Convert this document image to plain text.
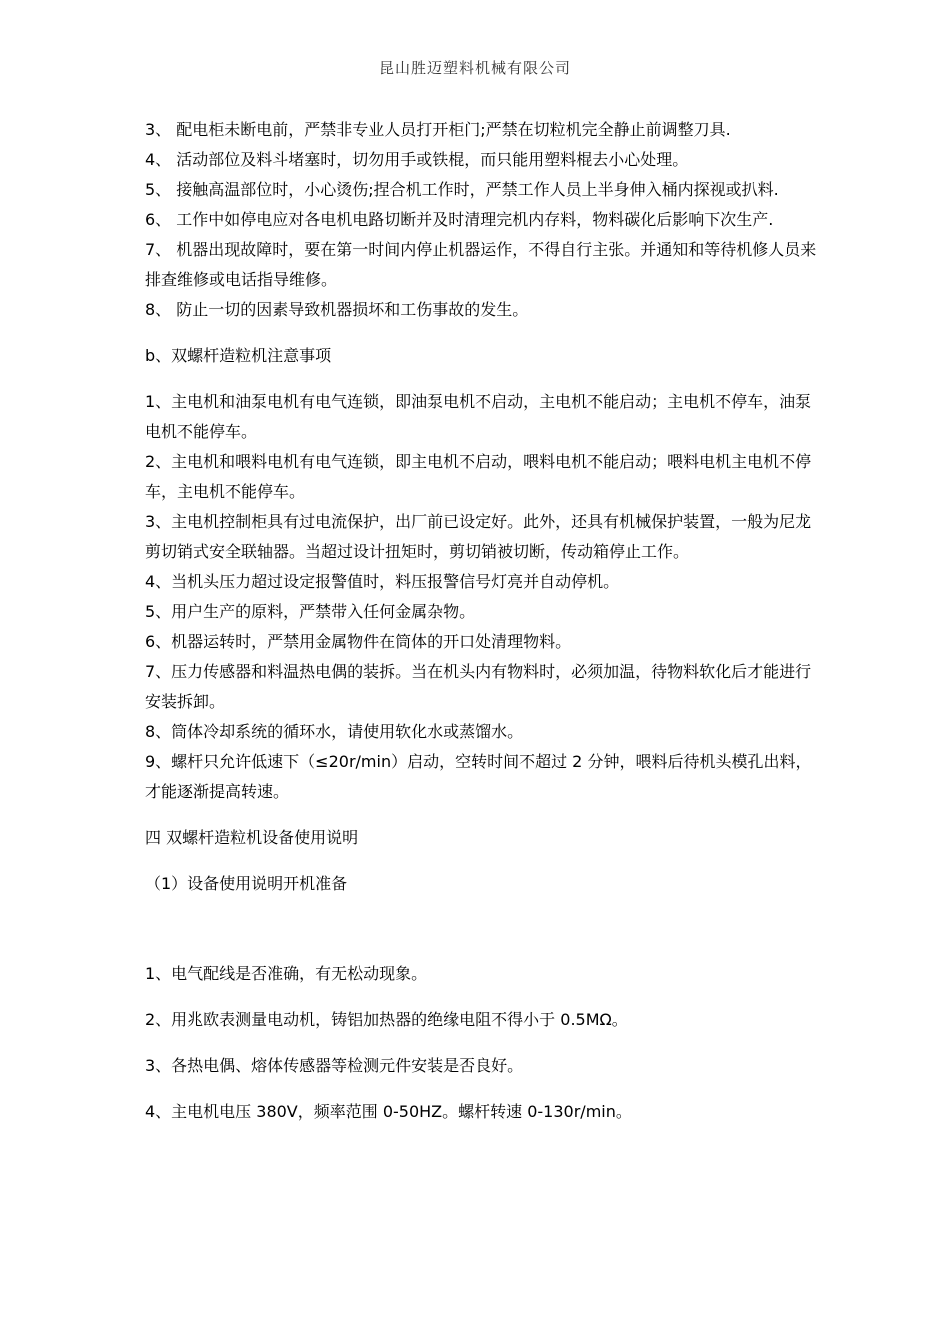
昆山胜迈塑料机械有限公司

3、 配电柜未断电前，严禁非专业人员打开柜门;严禁在切粒机完全静止前调整刀具.

4、 活动部位及料斗堵塞时，切勿用手或铁棍，而只能用塑料棍去小心处理。

5、 接触高温部位时，小心烫伤;捏合机工作时，严禁工作人员上半身伸入桶内探视或扒料.

6、 工作中如停电应对各电机电路切断并及时清理完机内存料，物料碳化后影响下次生产.

7、 机器出现故障时，要在第一时间内停止机器运作，不得自行主张。并通知和等待机修人员来排查维修或电话指导维修。

8、 防止一切的因素导致机器损坏和工伤事故的发生。

b、双螺杆造粒机注意事项

1、主电机和油泵电机有电气连锁，即油泵电机不启动，主电机不能启动；主电机不停车，油泵电机不能停车。

2、主电机和喂料电机有电气连锁，即主电机不启动，喂料电机不能启动；喂料电机主电机不停车，主电机不能停车。

3、主电机控制柜具有过电流保护，出厂前已设定好。此外，还具有机械保护装置，一般为尼龙剪切销式安全联轴器。当超过设计扭矩时，剪切销被切断，传动箱停止工作。

4、当机头压力超过设定报警值时，料压报警信号灯亮并自动停机。

5、用户生产的原料，严禁带入任何金属杂物。

6、机器运转时，严禁用金属物件在筒体的开口处清理物料。

7、压力传感器和料温热电偶的装拆。当在机头内有物料时，必须加温，待物料软化后才能进行安装拆卸。

8、筒体冷却系统的循环水，请使用软化水或蒸馏水。

9、螺杆只允许低速下（≤20r/min）启动，空转时间不超过 2 分钟，喂料后待机头模孔出料，才能逐渐提高转速。

四 双螺杆造粒机设备使用说明

（1）设备使用说明开机准备

1、电气配线是否准确，有无松动现象。

2、用兆欧表测量电动机，铸铝加热器的绝缘电阻不得小于 0.5MΩ。

3、各热电偶、熔体传感器等检测元件安装是否良好。

4、主电机电压 380V，频率范围 0-50HZ。螺杆转速 0-130r/min。
